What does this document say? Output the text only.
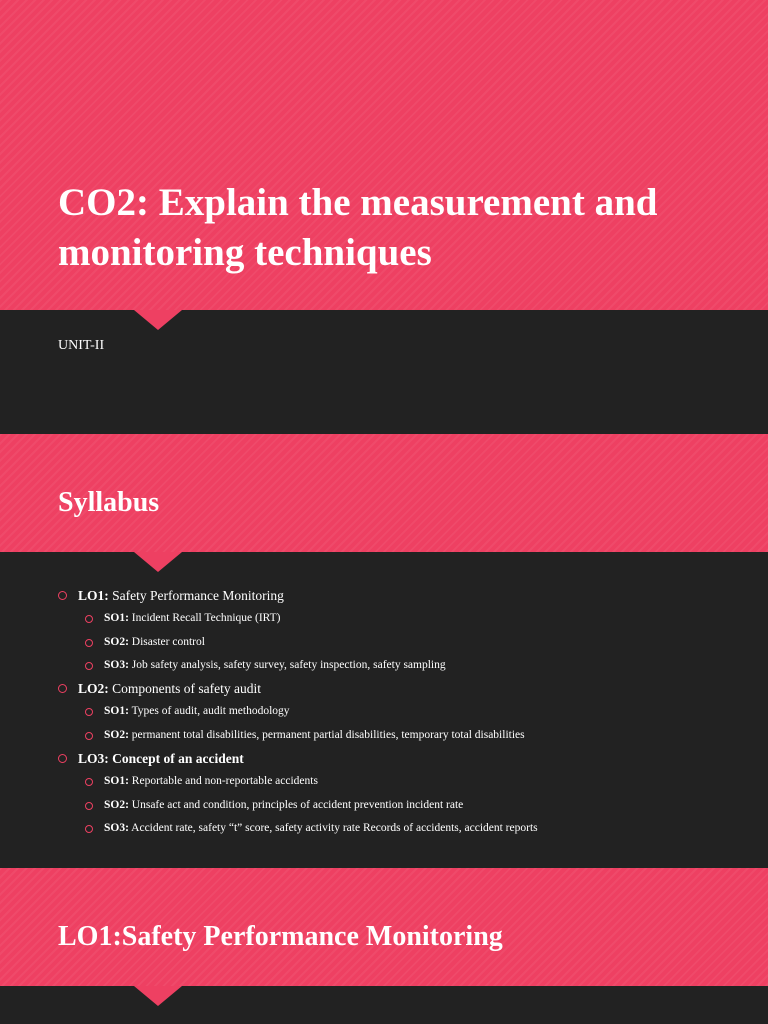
CO2: Explain the measurement and monitoring techniques
UNIT-II
Syllabus
LO1: Safety Performance Monitoring
SO1: Incident Recall Technique (IRT)
SO2: Disaster control
SO3: Job safety analysis, safety survey, safety inspection, safety sampling
LO2: Components of safety audit
SO1: Types of audit, audit methodology
SO2: permanent total disabilities, permanent partial disabilities, temporary total disabilities
LO3: Concept of an accident
SO1: Reportable and non-reportable accidents
SO2: Unsafe act and condition, principles of accident prevention incident rate
SO3: Accident rate, safety “t” score, safety activity rate Records of accidents, accident reports
LO1:Safety Performance Monitoring
